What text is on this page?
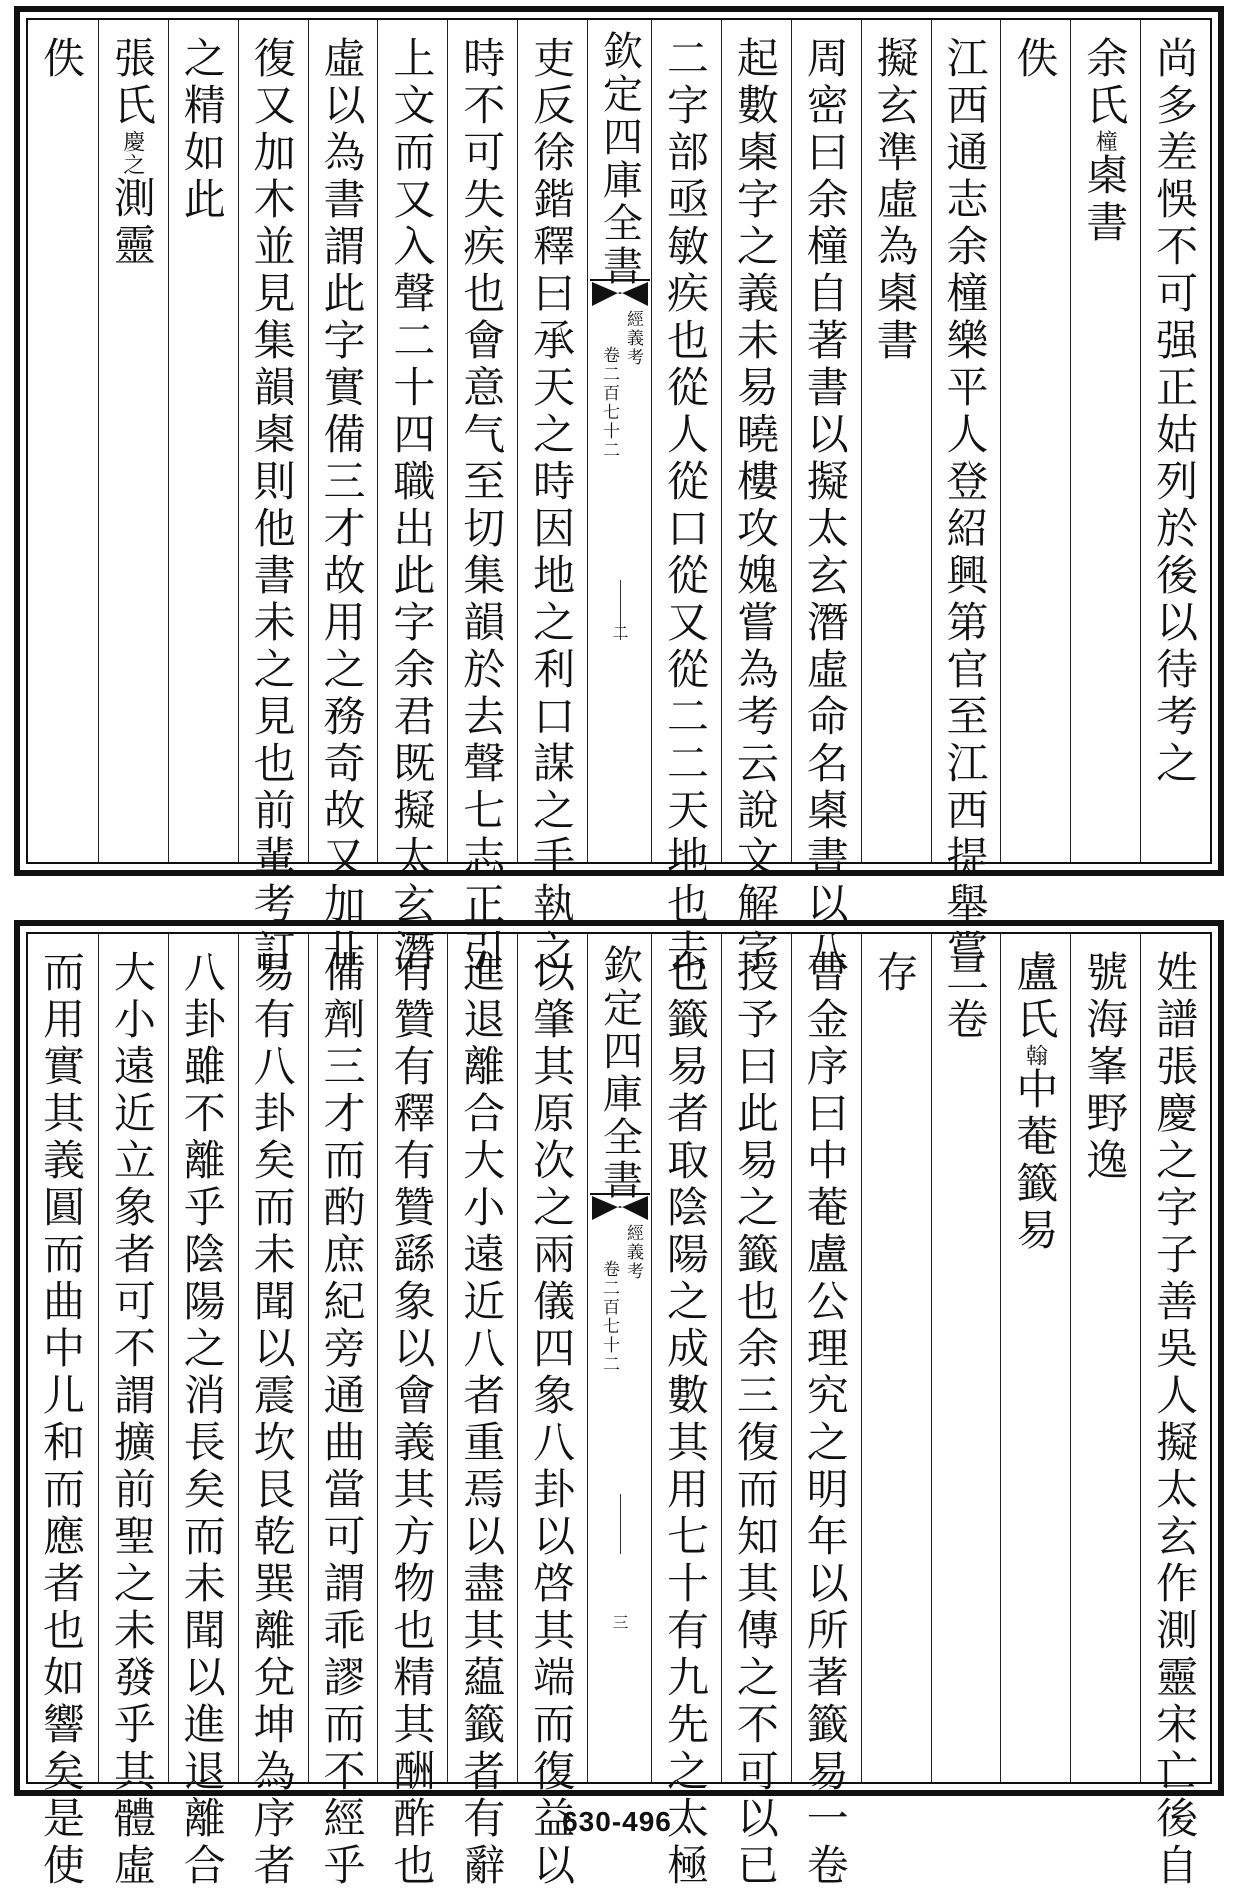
尚多差悞不可强正姑列於後以待考之
余氏橦㮚書
佚
江西通志余橦樂平人登紹興第官至江西提舉嘗
擬玄準虛為㮚書
周密曰余橦自著書以擬太玄潛虛命名㮚書以八
起數㮚字之義未易曉樓攻媿嘗為考云說文解字
二字部亟敏疾也從人從口從又從二二天地也去
欽定四庫全書
經義考
卷二百七十二
二
吏反徐鍇釋曰承天之時因地之利口謀之手執之
時不可失疾也會意气至切集韻於去聲七志正引
上文而又入聲二十四職出此字余君既擬太玄潛
虛以為書謂此字實備三才故用之務奇故又加卝
復又加木並見集韻㮚則他書未之見也前輩考訂
之精如此
張氏慶之測靈
佚
姓譜張慶之字子善吳人擬太玄作測靈宋亡後自
號海峯野逸
盧氏翰中菴籤易
三卷
存
曹金序曰中菴盧公理究之明年以所著籤易一卷
授予曰此易之籤也余三復而知其傳之不可以已
也籤易者取陰陽之成數其用七十有九先之太極
欽定四庫全書
經義考
卷二百七十二
三
以肇其原次之兩儀四象八卦以啓其端而復益以
進退離合大小遠近八者重焉以盡其藴籤者有辭
有贊有釋有贊繇象以會義其方物也精其酬酢也
備劑三才而酌庶紀旁通曲當可謂乖謬而不經乎
易有八卦矣而未聞以震坎艮乾巽離兌坤為序者
八卦雖不離乎陰陽之消長矣而未聞以進退離合
大小遠近立象者可不謂擴前聖之未發乎其體虛
而用實其義圓而曲中儿和而應者也如響矣是使	630-496
